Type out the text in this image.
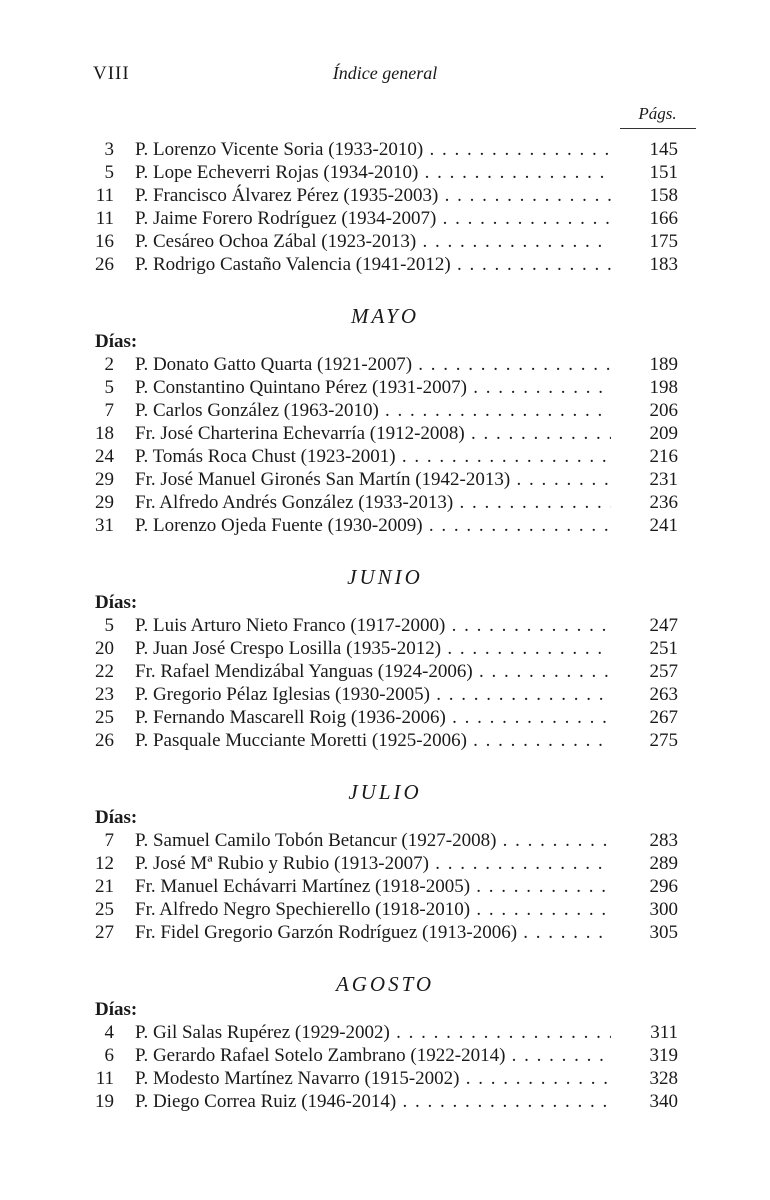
VIII	Índice general
Págs.
3 P. Lorenzo Vicente Soria (1933-2010) . . .	145
5 P. Lope Echeverri Rojas (1934-2010) . . .	151
11 P. Francisco Álvarez Pérez (1935-2003) . . .	158
11 P. Jaime Forero Rodríguez (1934-2007) . . .	166
16 P. Cesáreo Ochoa Zábal (1923-2013) . . .	175
26 P. Rodrigo Castaño Valencia (1941-2012) . . .	183
MAYO
Días:
2 P. Donato Gatto Quarta (1921-2007) . . .	189
5 P. Constantino Quintano Pérez (1931-2007) . . .	198
7 P. Carlos González (1963-2010) . . .	206
18 Fr. José Charterina Echevarría (1912-2008) . . .	209
24 P. Tomás Roca Chust (1923-2001) . . .	216
29 Fr. José Manuel Gironés San Martín (1942-2013) . . .	231
29 Fr. Alfredo Andrés González (1933-2013) . . .	236
31 P. Lorenzo Ojeda Fuente (1930-2009) . . .	241
JUNIO
Días:
5 P. Luis Arturo Nieto Franco (1917-2000) . . .	247
20 P. Juan José Crespo Losilla (1935-2012) . . .	251
22 Fr. Rafael Mendizábal Yanguas (1924-2006) . . .	257
23 P. Gregorio Pélaz Iglesias (1930-2005) . . .	263
25 P. Fernando Mascarell Roig (1936-2006) . . .	267
26 P. Pasquale Mucciante Moretti (1925-2006) . . .	275
JULIO
Días:
7 P. Samuel Camilo Tobón Betancur (1927-2008) . . .	283
12 P. José Mª Rubio y Rubio (1913-2007) . . .	289
21 Fr. Manuel Echávarri Martínez (1918-2005) . . .	296
25 Fr. Alfredo Negro Spechierello (1918-2010) . . .	300
27 Fr. Fidel Gregorio Garzón Rodríguez (1913-2006) . . .	305
AGOSTO
Días:
4 P. Gil Salas Rupérez (1929-2002) . . .	311
6 P. Gerardo Rafael Sotelo Zambrano (1922-2014) . . .	319
11 P. Modesto Martínez Navarro (1915-2002) . . .	328
19 P. Diego Correa Ruiz (1946-2014) . . .	340
